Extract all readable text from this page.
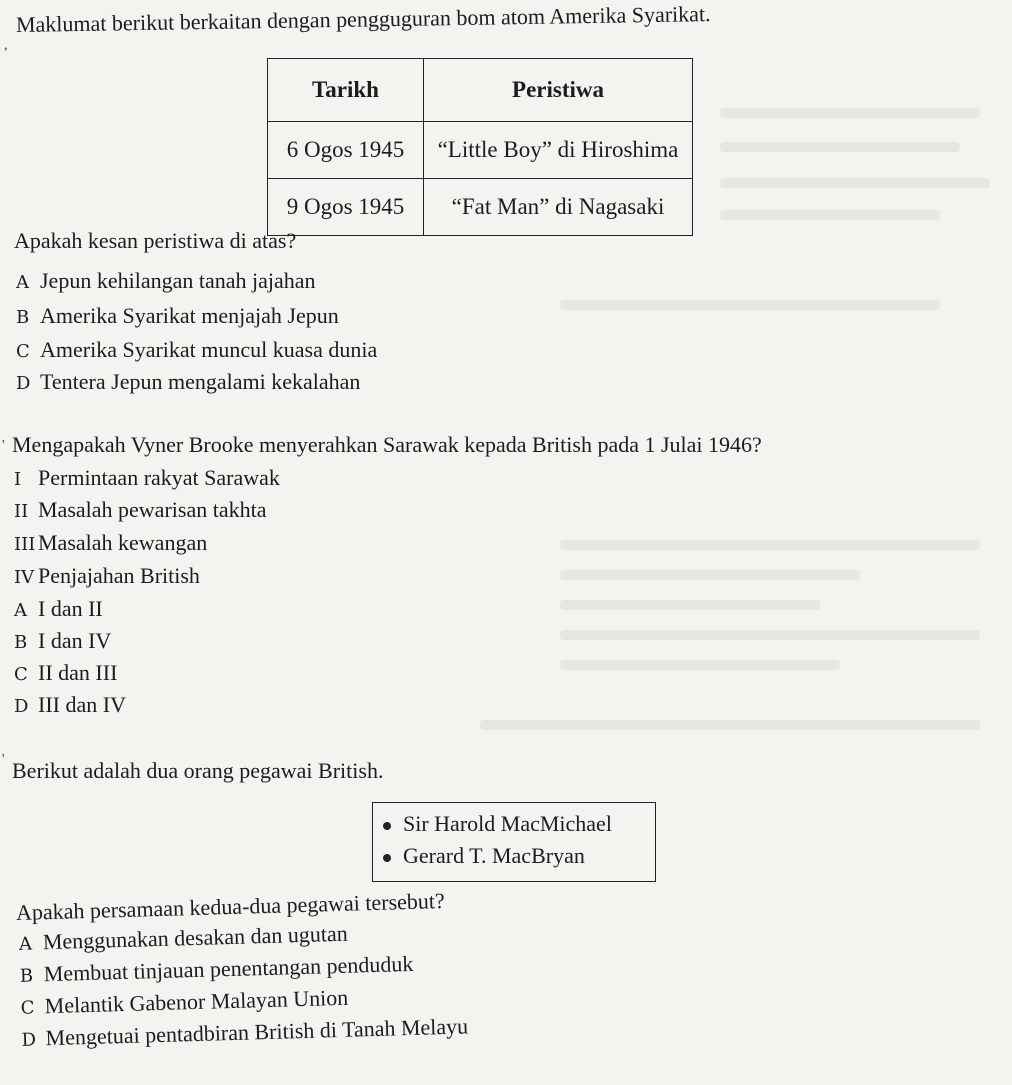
,
Maklumat berikut berkaitan dengan pengguguran bom atom Amerika Syarikat.
Tarikh	Peristiwa
6 Ogos 1945	“Little Boy” di Hiroshima
9 Ogos 1945	“Fat Man” di Nagasaki
Apakah kesan peristiwa di atas?
A Jepun kehilangan tanah jajahan
B Amerika Syarikat menjajah Jepun
C Amerika Syarikat muncul kuasa dunia
D Tentera Jepun mengalami kekalahan
' Mengapakah Vyner Brooke menyerahkan Sarawak kepada British pada 1 Julai 1946?
I Permintaan rakyat Sarawak
II Masalah pewarisan takhta
III Masalah kewangan
IV Penjajahan British
A I dan II
B I dan IV
C II dan III
D III dan IV
' Berikut adalah dua orang pegawai British.
Sir Harold MacMichael
Gerard T. MacBryan
Apakah persamaan kedua-dua pegawai tersebut?
A Menggunakan desakan dan ugutan
B Membuat tinjauan penentangan penduduk
C Melantik Gabenor Malayan Union
D Mengetuai pentadbiran British di Tanah Melayu
